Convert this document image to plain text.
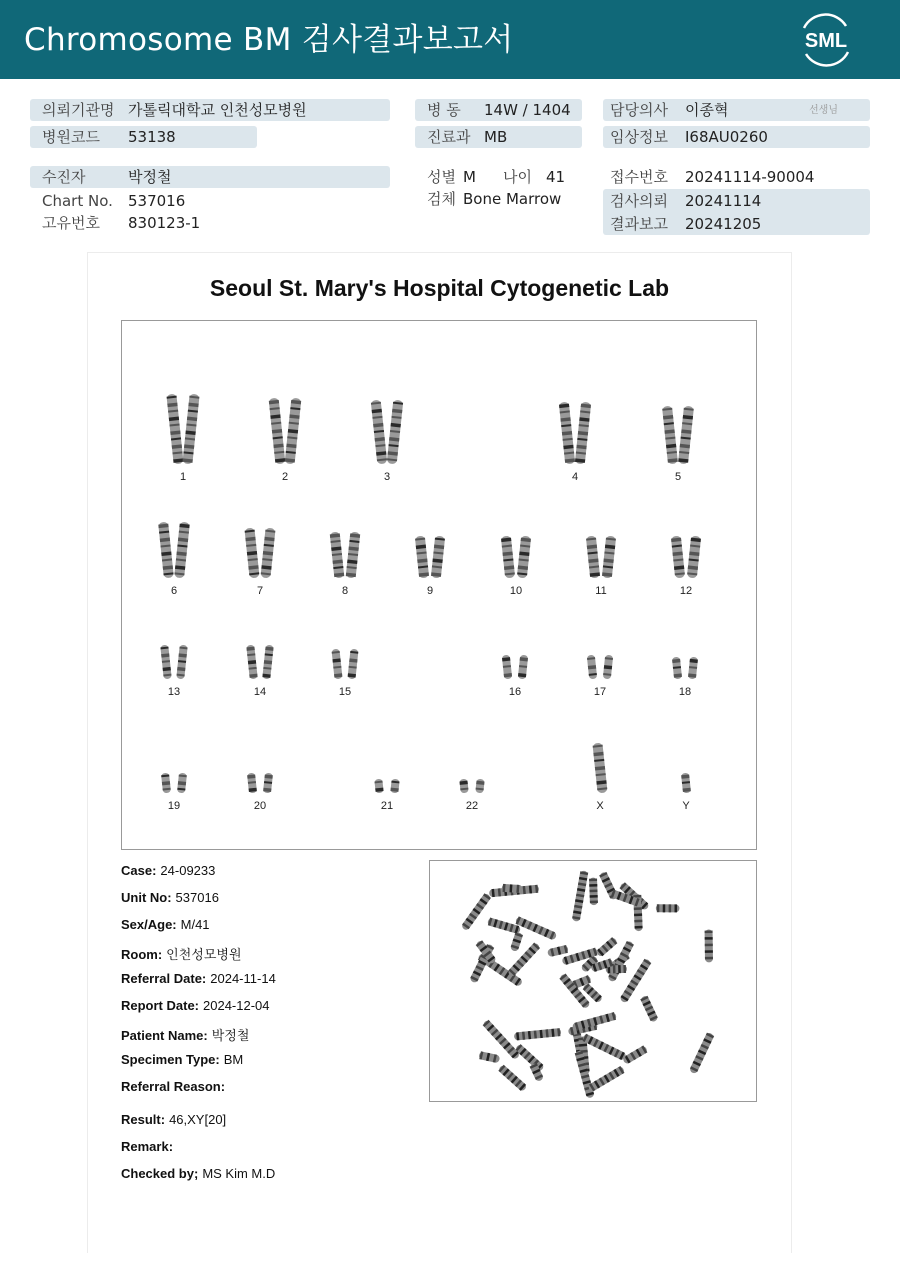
Chromosome BM 검사결과보고서	SML
의뢰기관명 가톨릭대학교 인천성모병원
병원코드 53138
병 동 14W / 1404
진료과 MB
담당의사 이종혁	선생님
임상정보 I68AU0260
수진자	박정철
Chart No. 537016
고유번호 830123-1
성별 M 나이 41
검체 Bone Marrow
접수번호 20241114-90004
검사의뢰 20241114
결과보고 20241205
Seoul St. Mary's Hospital Cytogenetic Lab
1	2	3	4	5
6	7	8	9	10	11	12
13	14	15	16	17	18
19	20	21	22	X	Y
Case: 24-09233
Unit No: 537016
Sex/Age: M/41
Room: 인천성모병원
Referral Date: 2024-11-14
Report Date: 2024-12-04
Patient Name: 박정철
Specimen Type: BM
Referral Reason:
Result: 46,XY[20]
Remark:
Checked by; MS Kim M.D
